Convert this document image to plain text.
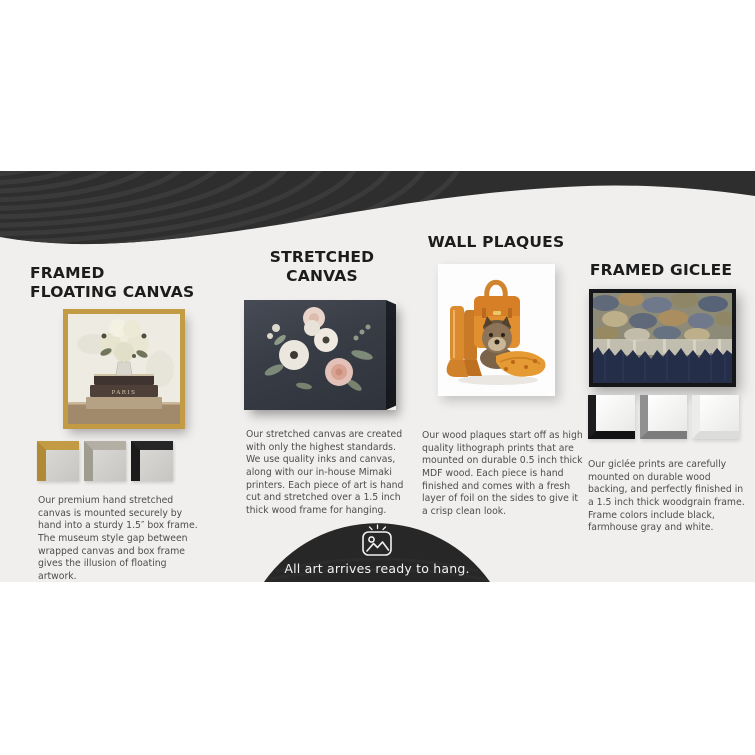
FRAMED
FLOATING CANVAS
PARIS

Our premium hand stretched canvas is mounted securely by hand into a sturdy 1.5″ box frame. The museum style gap between wrapped canvas and box frame gives the illusion of floating artwork.

STRETCHED
CANVAS

Our stretched canvas are created with only the highest standards. We use quality inks and canvas, along with our in-house Mimaki printers. Each piece of art is hand cut and stretched over a 1.5 inch thick wood frame for hanging.

WALL PLAQUES

Our wood plaques start off as high quality lithograph prints that are mounted on durable 0.5 inch thick MDF wood. Each piece is hand finished and comes with a fresh layer of foil on the sides to give it a crisp clean look.

FRAMED GICLEE

Our giclée prints are carefully mounted on durable wood backing, and perfectly finished in a 1.5 inch thick woodgrain frame. Frame colors include black, farmhouse gray and white.

All art arrives ready to hang.
